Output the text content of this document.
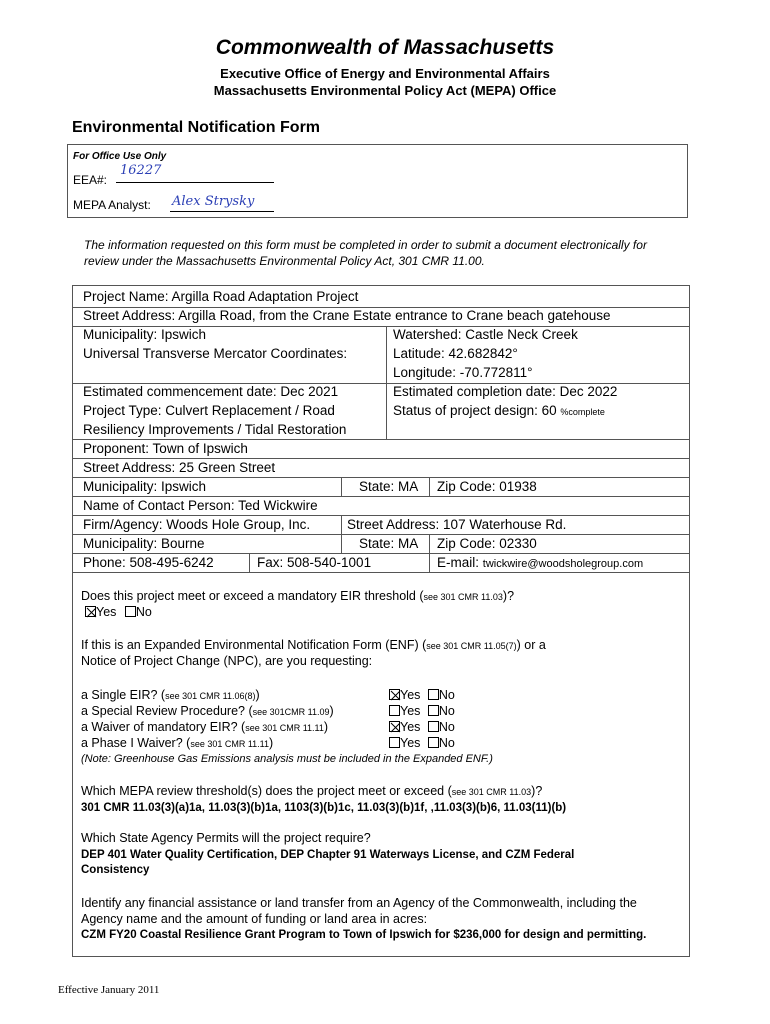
Commonwealth of Massachusetts
Executive Office of Energy and Environmental Affairs
Massachusetts Environmental Policy Act (MEPA) Office
Environmental Notification Form
For Office Use Only
EEA#:
16227
MEPA Analyst: Alex Strysky
The information requested on this form must be completed in order to submit a document electronically for review under the Massachusetts Environmental Policy Act, 301 CMR 11.00.
Project Name: Argilla Road Adaptation Project
Street Address: Argilla Road, from the Crane Estate entrance to Crane beach gatehouse
Municipality: Ipswich	Watershed: Castle Neck Creek
Universal Transverse Mercator Coordinates:	Latitude: 42.682842°
Longitude: -70.772811°
Estimated commencement date: Dec 2021	Estimated completion date: Dec 2022
Project Type: Culvert Replacement / Road
Resiliency Improvements / Tidal Restoration
Status of project design: 60 %complete
Proponent: Town of Ipswich
Street Address: 25 Green Street
Municipality: Ipswich	State: MA Zip Code: 01938
Name of Contact Person: Ted Wickwire
Firm/Agency: Woods Hole Group, Inc.	Street Address: 107 Waterhouse Rd.
Municipality: Bourne	State: MA Zip Code: 02330
Phone: 508-495-6242	Fax: 508-540-1001	E-mail: twickwire@woodsholegroup.com
Does this project meet or exceed a mandatory EIR threshold (see 301 CMR 11.03)?
Yes No
If this is an Expanded Environmental Notification Form (ENF) (see 301 CMR 11.05(7)) or a
Notice of Project Change (NPC), are you requesting:
a Single EIR? (see 301 CMR 11.06(8))	Yes No
a Special Review Procedure? (see 301CMR 11.09)	Yes No
a Waiver of mandatory EIR? (see 301 CMR 11.11)	Yes No
a Phase I Waiver? (see 301 CMR 11.11)	Yes No
(Note: Greenhouse Gas Emissions analysis must be included in the Expanded ENF.)
Which MEPA review threshold(s) does the project meet or exceed (see 301 CMR 11.03)?
301 CMR 11.03(3)(a)1a, 11.03(3)(b)1a, 1103(3)(b)1c, 11.03(3)(b)1f, ,11.03(3)(b)6, 11.03(11)(b)
Which State Agency Permits will the project require?
DEP 401 Water Quality Certification, DEP Chapter 91 Waterways License, and CZM Federal Consistency
Identify any financial assistance or land transfer from an Agency of the Commonwealth, including the Agency name and the amount of funding or land area in acres:
CZM FY20 Coastal Resilience Grant Program to Town of Ipswich for $236,000 for design and permitting.
Effective January 2011
